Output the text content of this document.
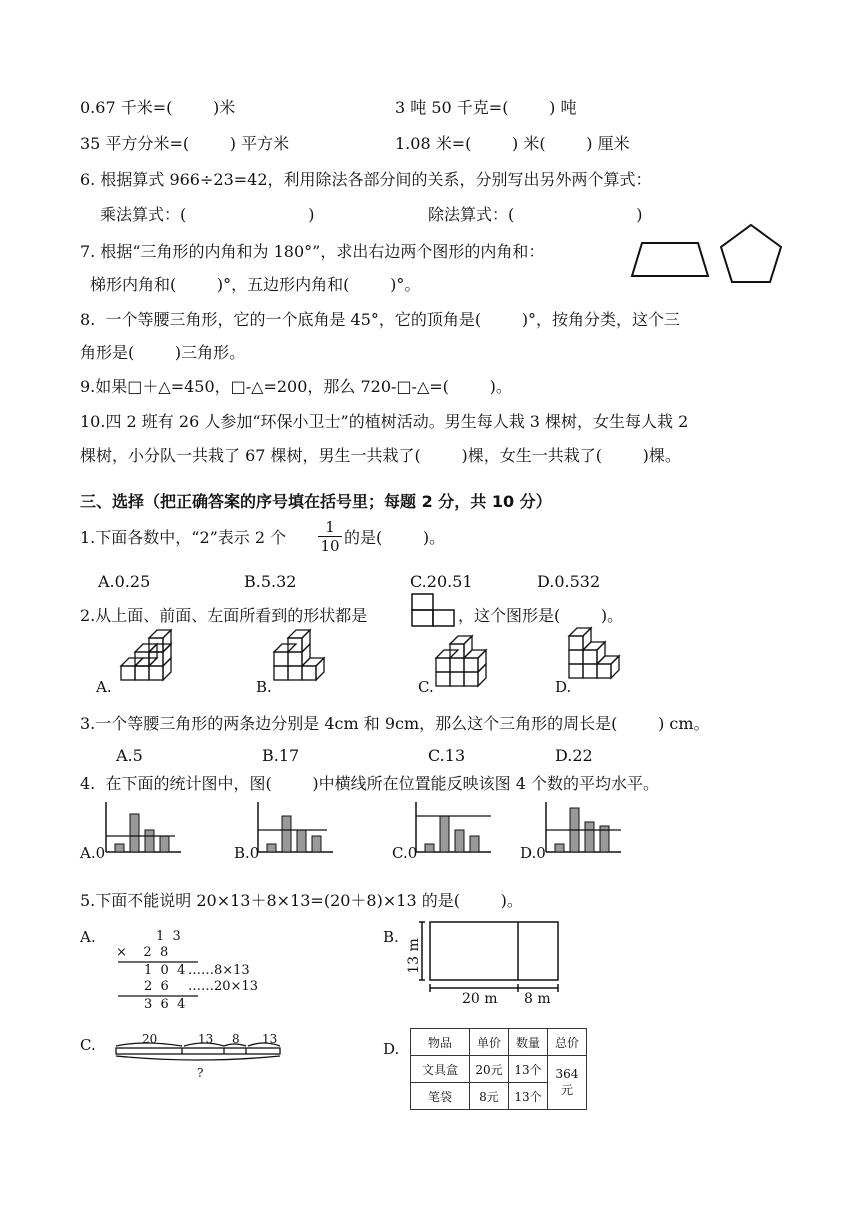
0.67 千米=(        )米	3 吨 50 千克=(        ) 吨
35 平方分米=(        ) 平方米	1.08 米=(        ) 米(        ) 厘米
6. 根据算式 966÷23=42，利用除法各部分间的关系，分别写出另外两个算式：
乘法算式：(                        )	除法算式：(                        )
7. 根据“三角形的内角和为 180°”，求出右边两个图形的内角和：
梯形内角和(        )°，五边形内角和(        )°。
8.  一个等腰三角形，它的一个底角是 45°，它的顶角是(        )°，按角分类，这个三
角形是(        )三角形。
9.如果□＋△=450，□-△=200，那么 720-□-△=(        )。
10.四 2 班有 26 人参加“环保小卫士”的植树活动。男生每人栽 3 棵树，女生每人栽 2
棵树，小分队一共栽了 67 棵树，男生一共栽了(        )棵，女生一共栽了(        )棵。
三、选择（把正确答案的序号填在括号里；每题 2 分，共 10 分）
1.下面各数中，“2”表示 2 个 $\frac{1}{10}$ 的是(        )。
A.0.25	B.5.32	C.20.51	D.0.532
2.从上面、前面、左面所看到的形状都是	，这个图形是(        )。
A.	B.	C.	D.
3.一个等腰三角形的两条边分别是 4cm 和 9cm，那么这个三角形的周长是(        ) cm。
A.5	B.17	C.13	D.22
4.  在下面的统计图中，图(        )中横线所在位置能反映该图 4 个数的平均水平。
A.0	B.0	C.0	D.0
5.下面不能说明 20×13＋8×13=(20＋8)×13 的是(        )。
A.	1  3
×    2  8
1  0  4 ……8×13
2  6 ……20×13
3  6  4
B.
13 m
20 m 8 m
C.	20	13 8 13
?
D. 物品	单价	数量	总价
文具盒	20元	13个	364元
笔袋	8元	13个	
